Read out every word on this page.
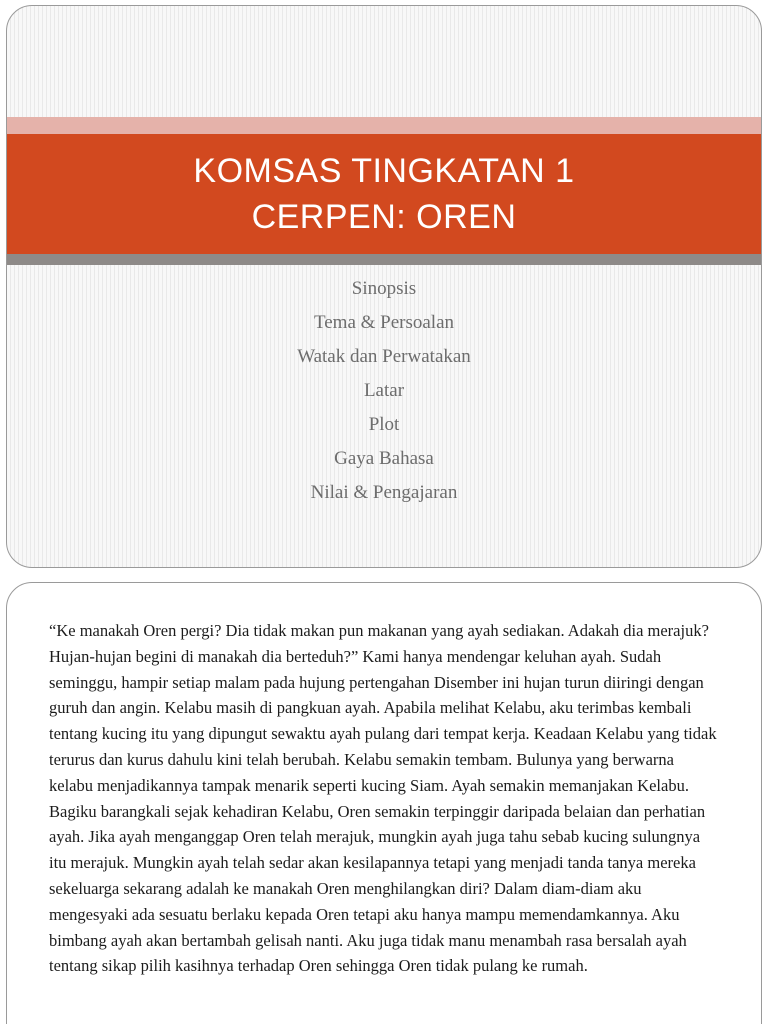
KOMSAS TINGKATAN 1
CERPEN: OREN
Sinopsis
Tema & Persoalan
Watak dan Perwatakan
Latar
Plot
Gaya Bahasa
Nilai & Pengajaran

“Ke manakah Oren pergi? Dia tidak makan pun makanan yang ayah sediakan. Adakah dia merajuk? Hujan-hujan begini di manakah dia berteduh?” Kami hanya mendengar keluhan ayah. Sudah seminggu, hampir setiap malam pada hujung pertengahan Disember ini hujan turun diiringi dengan guruh dan angin. Kelabu masih di pangkuan ayah. Apabila melihat Kelabu, aku terimbas kembali tentang kucing itu yang dipungut sewaktu ayah pulang dari tempat kerja. Keadaan Kelabu yang tidak terurus dan kurus dahulu kini telah berubah. Kelabu semakin tembam. Bulunya yang berwarna kelabu menjadikannya tampak menarik seperti kucing Siam. Ayah semakin memanjakan Kelabu. Bagiku barangkali sejak kehadiran Kelabu, Oren semakin terpinggir daripada belaian dan perhatian ayah. Jika ayah menganggap Oren telah merajuk, mungkin ayah juga tahu sebab kucing sulungnya itu merajuk. Mungkin ayah telah sedar akan kesilapannya tetapi yang menjadi tanda tanya mereka sekeluarga sekarang adalah ke manakah Oren menghilangkan diri? Dalam diam-diam aku mengesyaki ada sesuatu berlaku kepada Oren tetapi aku hanya mampu memendamkannya. Aku bimbang ayah akan bertambah gelisah nanti. Aku juga tidak manu menambah rasa bersalah ayah tentang sikap pilih kasihnya terhadap Oren sehingga Oren tidak pulang ke rumah.
